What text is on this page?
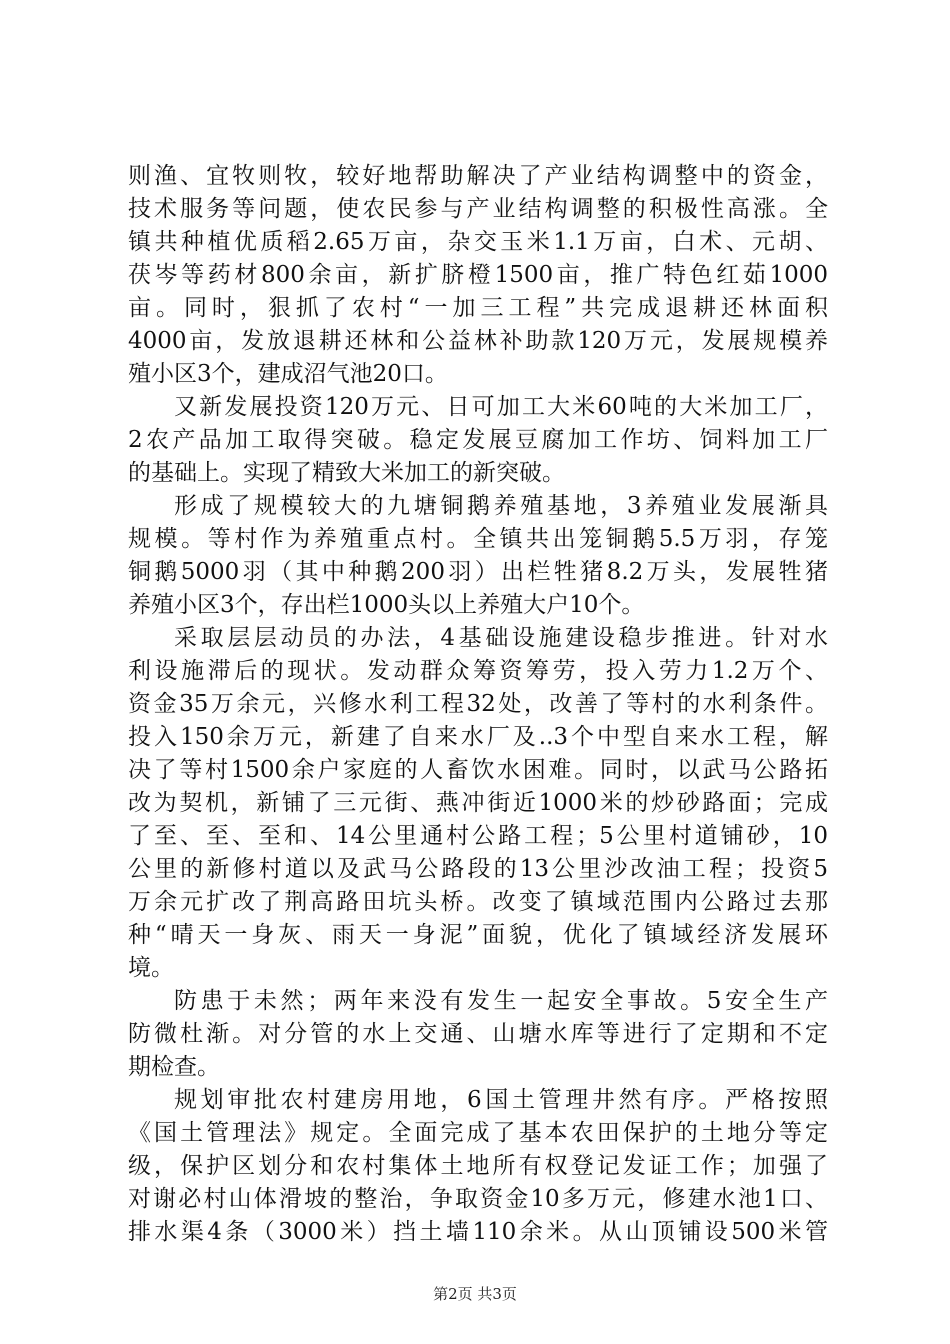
则渔、宜牧则牧，较好地帮助解决了产业结构调整中的资金，
技术服务等问题，使农民参与产业结构调整的积极性高涨。全
镇共种植优质稻2.65万亩，杂交玉米1.1万亩，白术、元胡、
茯岑等药材800余亩，新扩脐橙1500亩，推广特色红茹1000
亩。同时，狠抓了农村“一加三工程”共完成退耕还林面积
4000亩，发放退耕还林和公益林补助款120万元，发展规模养
殖小区3个，建成沼气池20口。
又新发展投资120万元、日可加工大米60吨的大米加工厂，
2农产品加工取得突破。稳定发展豆腐加工作坊、饲料加工厂
的基础上。实现了精致大米加工的新突破。
形成了规模较大的九塘铜鹅养殖基地，3养殖业发展渐具
规模。等村作为养殖重点村。全镇共出笼铜鹅5.5万羽，存笼
铜鹅5000羽（其中种鹅200羽）出栏牲猪8.2万头，发展牲猪
养殖小区3个，存出栏1000头以上养殖大户10个。
采取层层动员的办法，4基础设施建设稳步推进。针对水
利设施滞后的现状。发动群众筹资筹劳，投入劳力1.2万个、
资金35万余元，兴修水利工程32处，改善了等村的水利条件。
投入150余万元，新建了自来水厂及..3个中型自来水工程，解
决了等村1500余户家庭的人畜饮水困难。同时，以武马公路拓
改为契机，新铺了三元街、燕冲街近1000米的炒砂路面；完成
了至、至、至和、14公里通村公路工程；5公里村道铺砂，10
公里的新修村道以及武马公路段的13公里沙改油工程；投资5
万余元扩改了荆高路田坑头桥。改变了镇域范围内公路过去那
种“晴天一身灰、雨天一身泥”面貌，优化了镇域经济发展环
境。
防患于未然；两年来没有发生一起安全事故。5安全生产
防微杜渐。对分管的水上交通、山塘水库等进行了定期和不定
期检查。
规划审批农村建房用地，6国土管理井然有序。严格按照
《国土管理法》规定。全面完成了基本农田保护的土地分等定
级，保护区划分和农村集体土地所有权登记发证工作；加强了
对谢必村山体滑坡的整治，争取资金10多万元，修建水池1口、
排水渠4条（3000米）挡土墙110余米。从山顶铺设500米管
第2页 共3页
